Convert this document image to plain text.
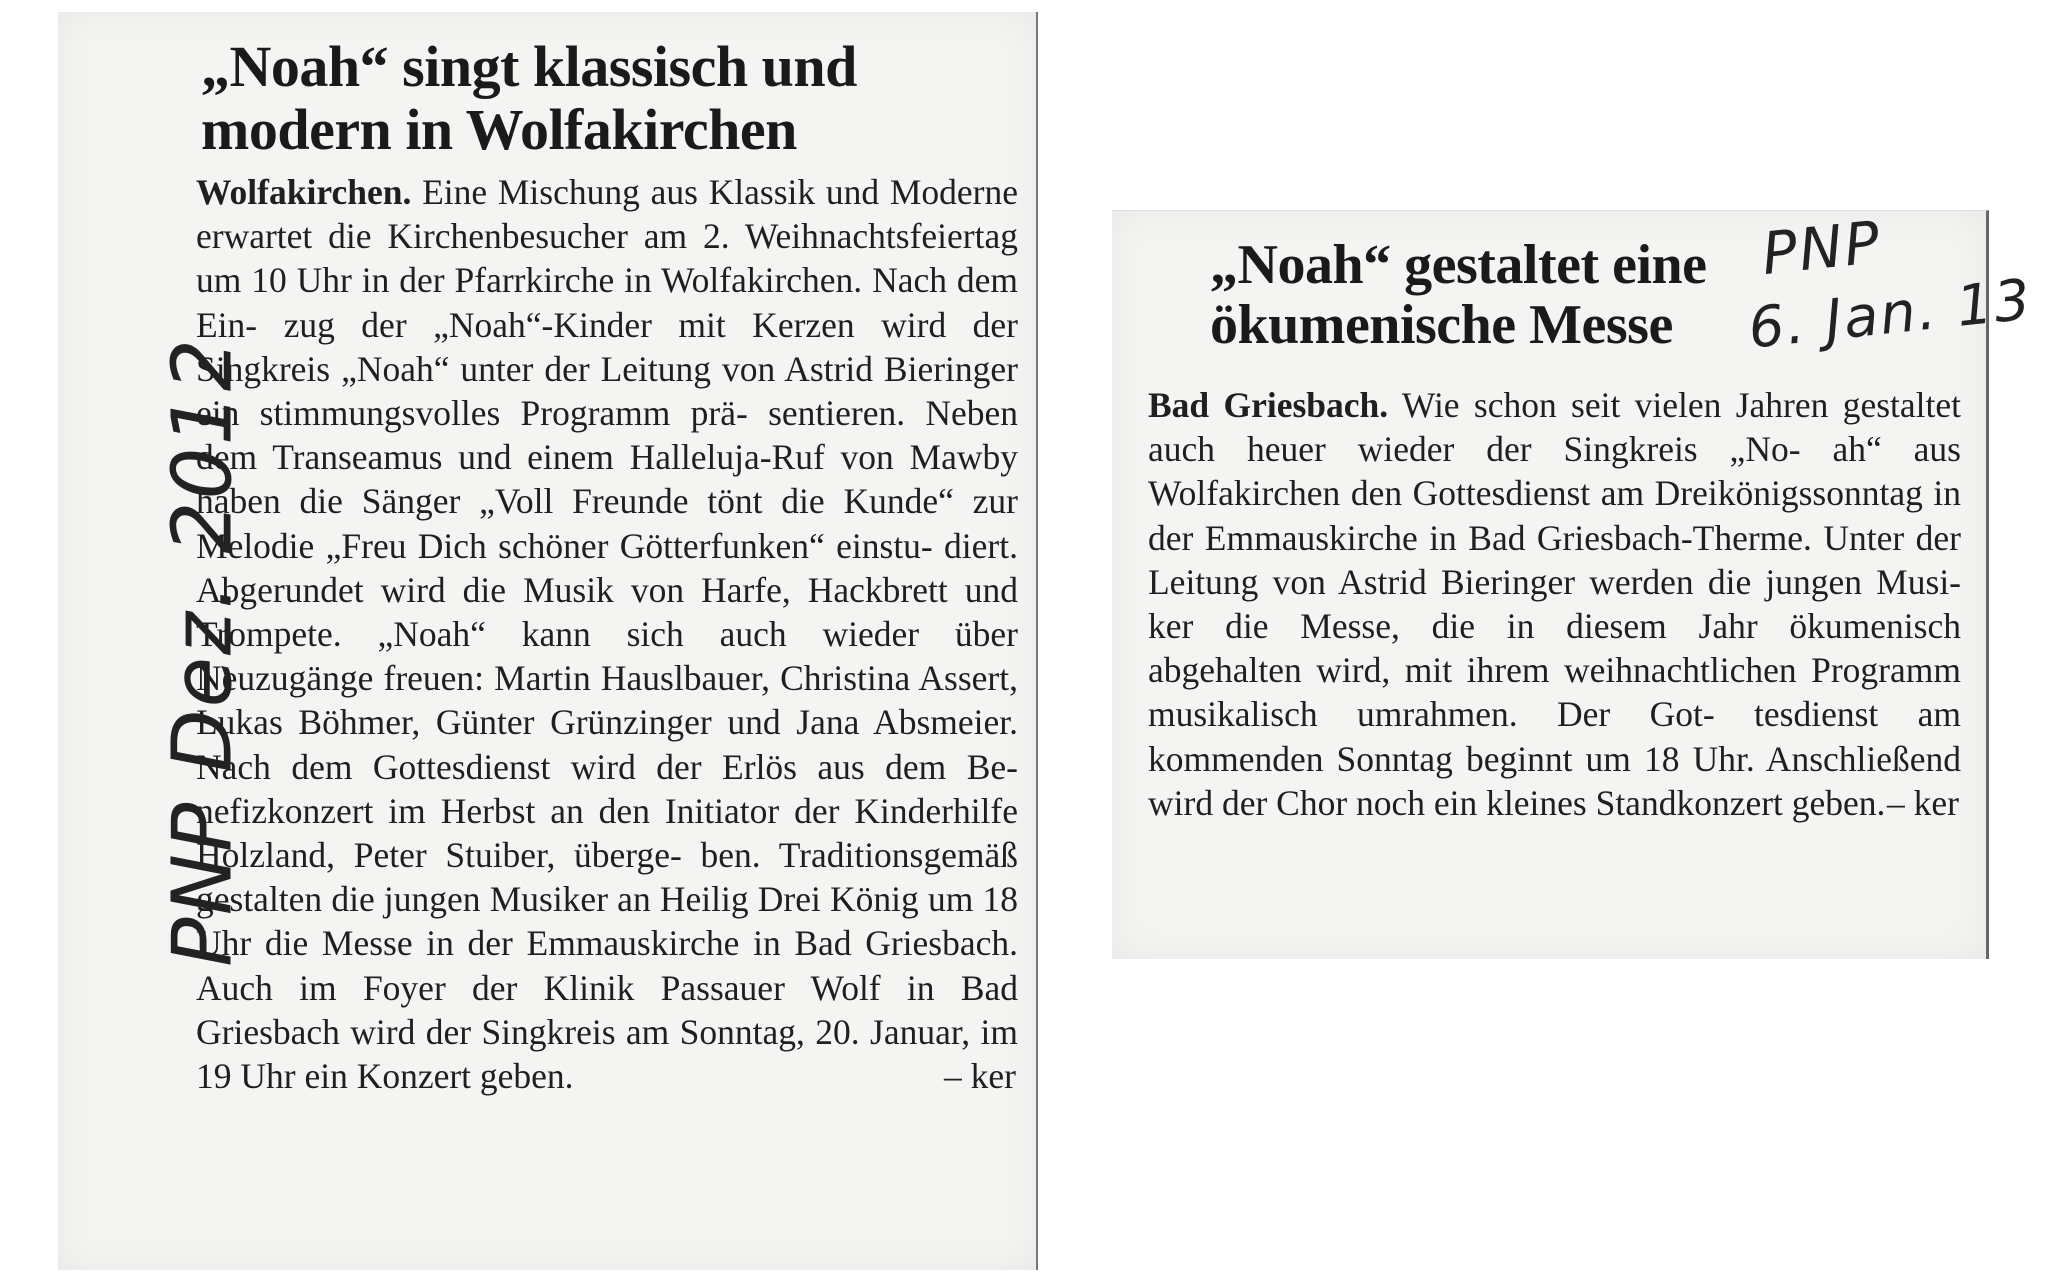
„Noah“ singt klassisch und modern in Wolfakirchen

Wolfakirchen. Eine Mischung aus Klassik und Moderne erwartet die Kirchenbesucher am 2. Weihnachtsfeiertag um 10 Uhr in der Pfarrkirche in Wolfakirchen. Nach dem Ein- zug der „Noah“-Kinder mit Kerzen wird der Singkreis „Noah“ unter der Leitung von Astrid Bieringer ein stimmungsvolles Programm prä- sentieren. Neben dem Transeamus und einem Halleluja-Ruf von Mawby haben die Sänger „Voll Freunde tönt die Kunde“ zur Melodie „Freu Dich schöner Götterfunken“ einstu- diert. Abgerundet wird die Musik von Harfe, Hackbrett und Trompete. „Noah“ kann sich auch wieder über Neuzugänge freuen: Martin Hauslbauer, Christina Assert, Lukas Böhmer, Günter Grünzinger und Jana Absmeier. Nach dem Gottesdienst wird der Erlös aus dem Be- nefizkonzert im Herbst an den Initiator der Kinderhilfe Holzland, Peter Stuiber, überge- ben. Traditionsgemäß gestalten die jungen Musiker an Heilig Drei König um 18 Uhr die Messe in der Emmauskirche in Bad Griesbach. Auch im Foyer der Klinik Passauer Wolf in Bad Griesbach wird der Singkreis am Sonntag, 20. Januar, im 19 Uhr ein Konzert geben.	– ker

PNP Dez. 2012
„Noah“ gestaltet eine ökumenische Messe

Bad Griesbach. Wie schon seit vielen Jahren gestaltet auch heuer wieder der Singkreis „No- ah“ aus Wolfakirchen den Gottesdienst am Dreikönigssonntag in der Emmauskirche in Bad Griesbach-Therme. Unter der Leitung von Astrid Bieringer werden die jungen Musi- ker die Messe, die in diesem Jahr ökumenisch abgehalten wird, mit ihrem weihnachtlichen Programm musikalisch umrahmen. Der Got- tesdienst am kommenden Sonntag beginnt um 18 Uhr. Anschließend wird der Chor noch ein kleines Standkonzert geben. – ker

PNP
6. Jan. 13
